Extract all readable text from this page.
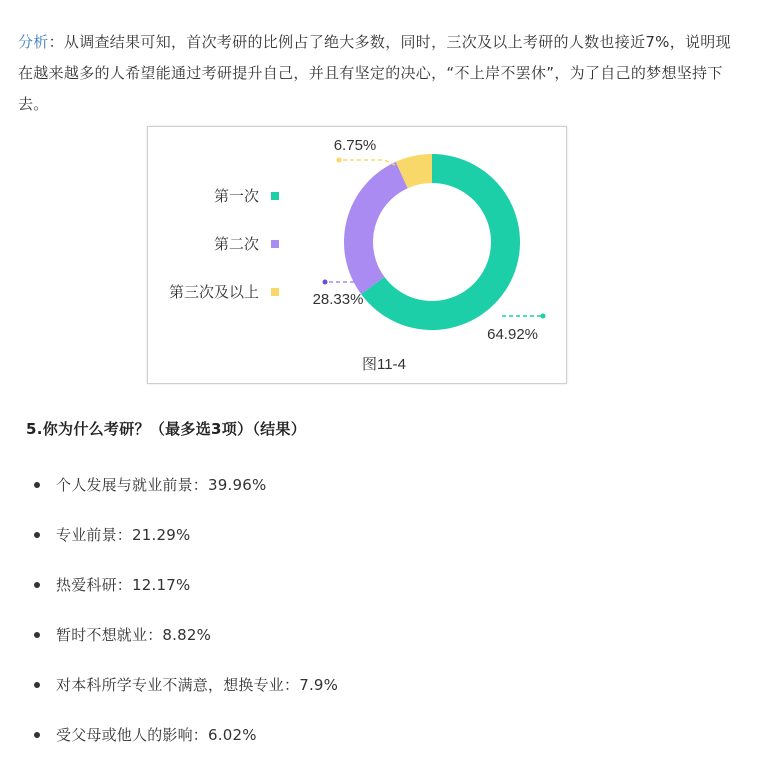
分析：从调查结果可知，首次考研的比例占了绝大多数，同时，三次及以上考研的人数也接近7%，说明现在越来越多的人希望能通过考研提升自己，并且有坚定的决心，“不上岸不罢休”，为了自己的梦想坚持下去。

第一次
第二次
第三次及以上
64.92%
28.33%
6.75%
图11-4
5.你为什么考研？（最多选3项）（结果）
个人发展与就业前景：39.96%
专业前景：21.29%
热爱科研：12.17%
暂时不想就业：8.82%
对本科所学专业不满意，想换专业：7.9%
受父母或他人的影响：6.02%
